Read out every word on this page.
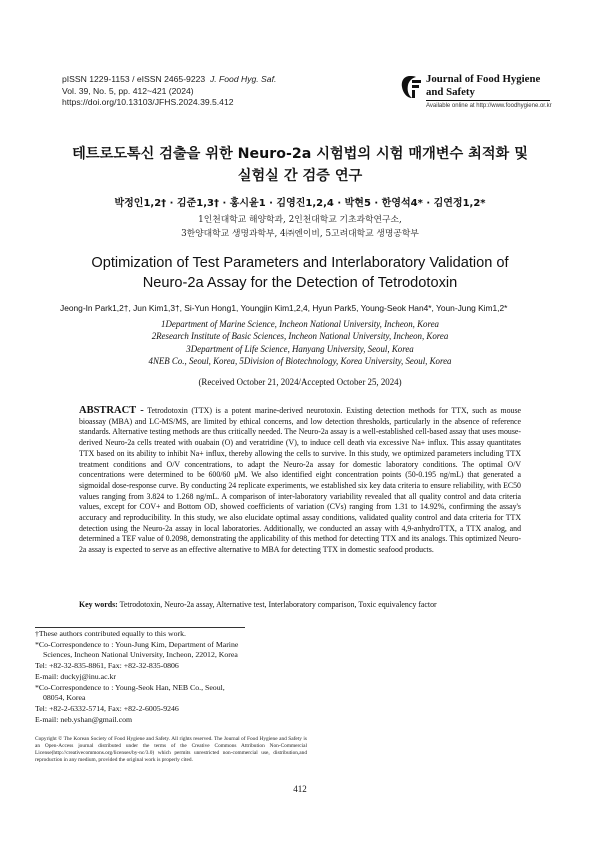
pISSN 1229-1153 / eISSN 2465-9223 J. Food Hyg. Saf.
Vol. 39, No. 5, pp. 412~421 (2024)
https://doi.org/10.13103/JFHS.2024.39.5.412
Journal of Food Hygiene
and Safety
Available online at http://www.foodhygiene.or.kr
테트로도톡신 검출을 위한 Neuro-2a 시험법의 시험 매개변수 최적화 및
실험실 간 검증 연구
박정인1,2† · 김준1,3† · 홍시윤1 · 김영진1,2,4 · 박현5 · 한영석4* · 김연정1,2*
1인천대학교 해양학과, 2인천대학교 기초과학연구소,
3한양대학교 생명과학부, 4㈜엔이비, 5고려대학교 생명공학부
Optimization of Test Parameters and Interlaboratory Validation of
Neuro-2a Assay for the Detection of Tetrodotoxin
Jeong-In Park1,2†, Jun Kim1,3†, Si-Yun Hong1, Youngjin Kim1,2,4, Hyun Park5, Young-Seok Han4*, Youn-Jung Kim1,2*
1Department of Marine Science, Incheon National University, Incheon, Korea
2Research Institute of Basic Sciences, Incheon National University, Incheon, Korea
3Department of Life Science, Hanyang University, Seoul, Korea
4NEB Co., Seoul, Korea, 5Division of Biotechnology, Korea University, Seoul, Korea
(Received October 21, 2024/Accepted October 25, 2024)
ABSTRACT - Tetrodotoxin (TTX) is a potent marine-derived neurotoxin. Existing detection methods for TTX, such as mouse bioassay (MBA) and LC-MS/MS, are limited by ethical concerns, and low detection thresholds, particularly in the absence of reference standards. Alternative testing methods are thus critically needed. The Neuro-2a assay is a well-established cell-based assay that uses mouse-derived Neuro-2a cells treated with ouabain (O) and veratridine (V), to induce cell death via excessive Na+ influx. This assay quantitates TTX based on its ability to inhibit Na+ influx, thereby allowing the cells to survive. In this study, we optimized parameters including TTX treatment conditions and O/V concentrations, to adapt the Neuro-2a assay for domestic laboratory conditions. The optimal O/V concentrations were determined to be 600/60 μM. We also identified eight concentration points (50-0.195 ng/mL) that generated a sigmoidal dose-response curve. By conducting 24 replicate experiments, we established six key data criteria to ensure reliability, with EC50 values ranging from 3.824 to 1.268 ng/mL. A comparison of inter-laboratory variability revealed that all quality control and data criteria values, except for COV+ and Bottom OD, showed coefficients of variation (CVs) ranging from 1.31 to 14.92%, confirming the assay's accuracy and reproducibility. In this study, we also elucidate optimal assay conditions, validated quality control and data criteria for TTX detection using the Neuro-2a assay in local laboratories. Additionally, we conducted an assay with 4,9-anhydroTTX, a TTX analog, and determined a TEF value of 0.2098, demonstrating the applicability of this method for detecting TTX and its analogs. This optimized Neuro-2a assay is expected to serve as an effective alternative to MBA for detecting TTX in domestic seafood products.
Key words: Tetrodotoxin, Neuro-2a assay, Alternative test, Interlaboratory comparison, Toxic equivalency factor
†These authors contributed equally to this work.
*Co-Correspondence to : Youn-Jung Kim, Department of Marine
Sciences, Incheon National University, Incheon, 22012, Korea
Tel: +82-32-835-8861, Fax: +82-32-835-0806
E-mail: duckyj@inu.ac.kr
*Co-Correspondence to : Young-Seok Han, NEB Co., Seoul,
08054, Korea
Tel: +82-2-6332-5714, Fax: +82-2-6005-9246
E-mail: neb.yshan@gmail.com
Copyright © The Korean Society of Food Hygiene and Safety. All rights reserved. The Journal of Food Hygiene and Safety is an Open-Access journal distributed under the terms of the Creative Commons Attribution Non-Commercial License(http://creativecommons.org/licenses/by-nc/3.0) which permits unrestricted non-commercial use, distribution,and reproduction in any medium, provided the original work is properly cited.
412
